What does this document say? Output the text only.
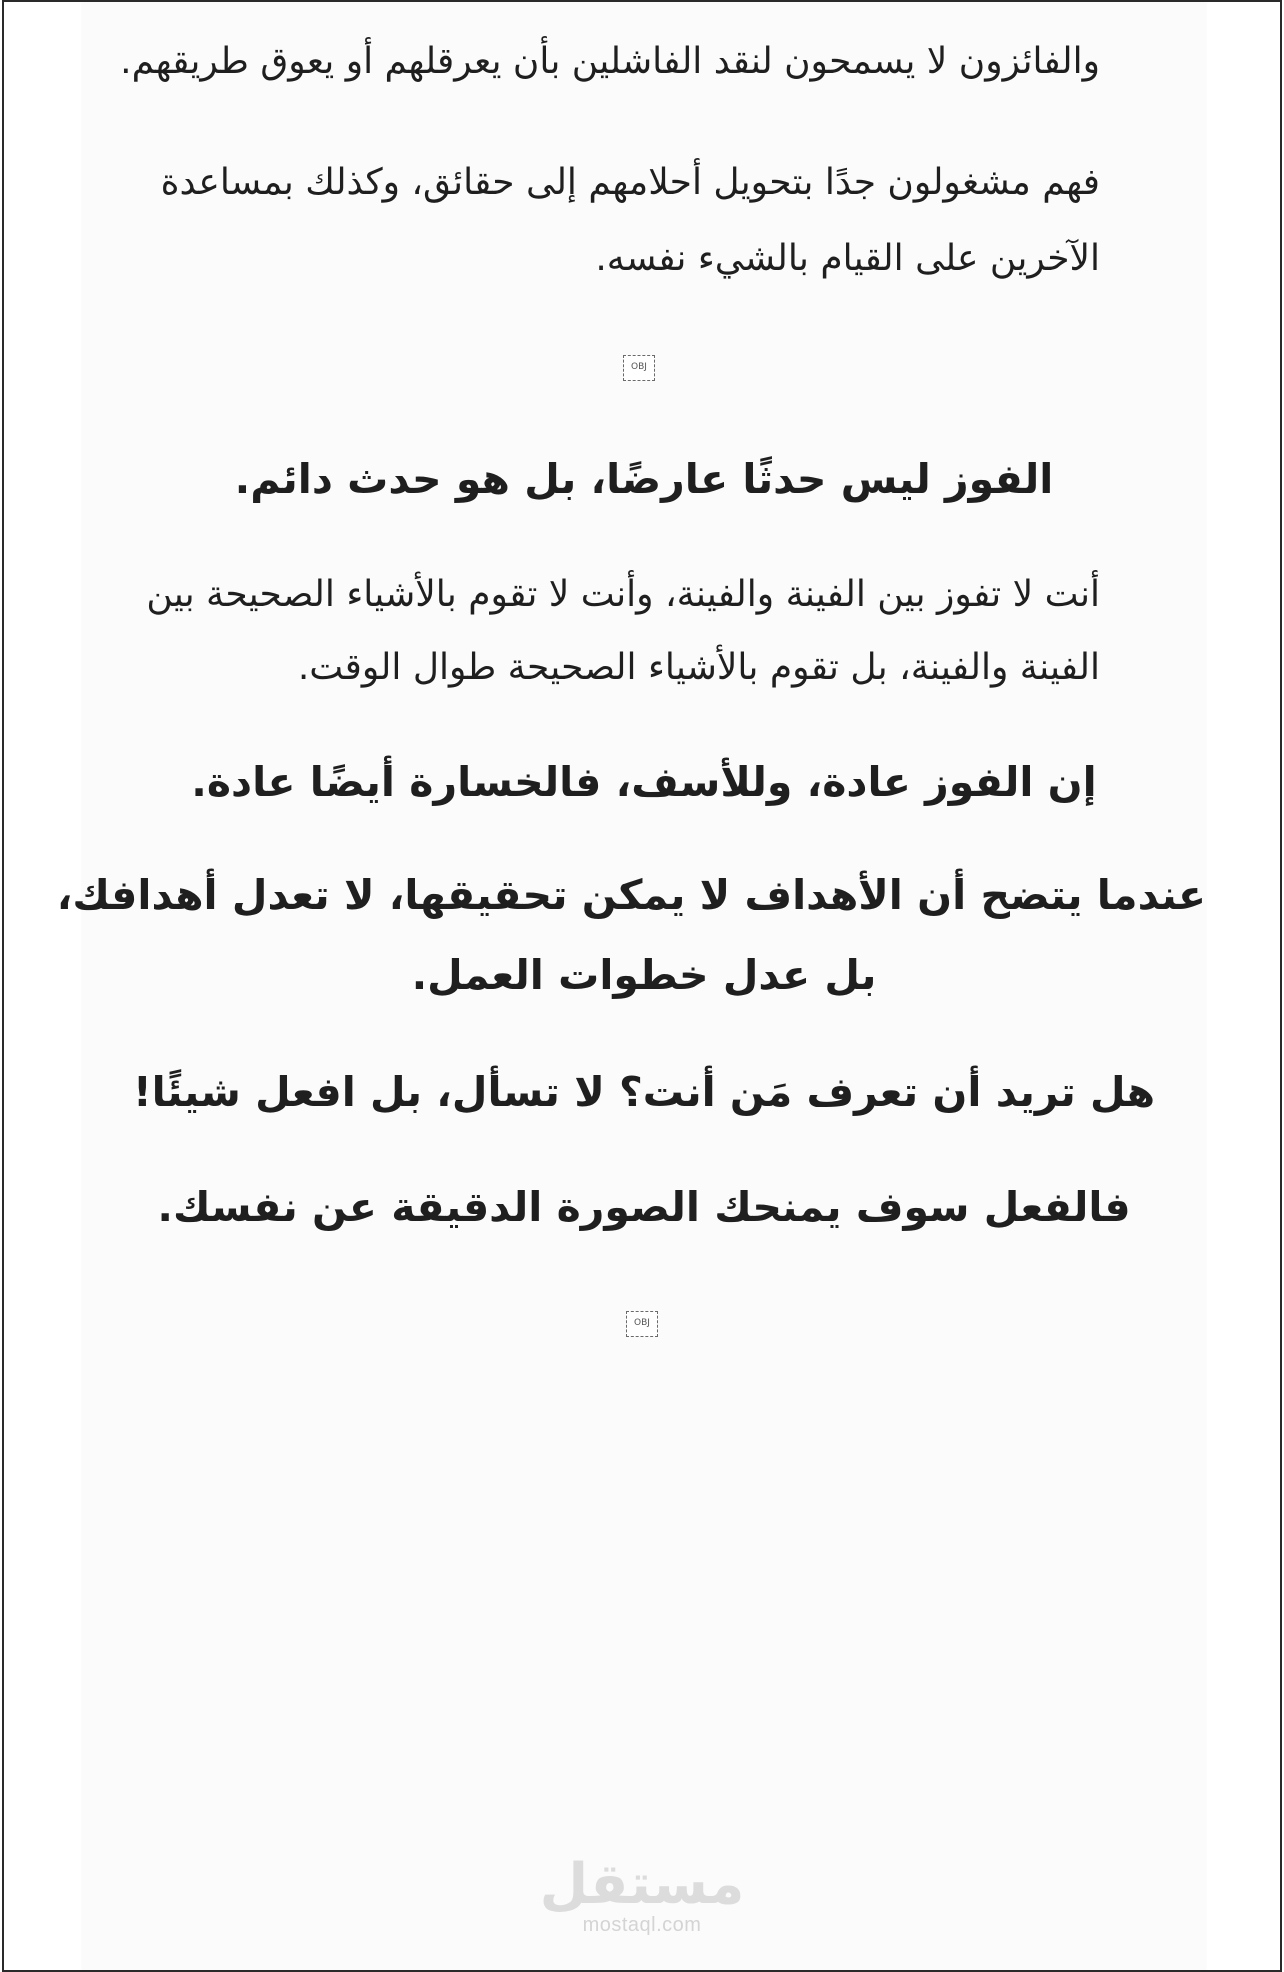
والفائزون لا يسمحون لنقد الفاشلين بأن يعرقلهم أو يعوق طريقهم.

فهم مشغولون جدًا بتحويل أحلامهم إلى حقائق، وكذلك بمساعدة

الآخرين على القيام بالشيء نفسه.

OBJ

الفوز ليس حدثًا عارضًا، بل هو حدث دائم.

أنت لا تفوز بين الفينة والفينة، وأنت لا تقوم بالأشياء الصحيحة بين

الفينة والفينة، بل تقوم بالأشياء الصحيحة طوال الوقت.

إن الفوز عادة، وللأسف، فالخسارة أيضًا عادة.

عندما يتضح أن الأهداف لا يمكن تحقيقها، لا تعدل أهدافك،

بل عدل خطوات العمل.

هل تريد أن تعرف مَن أنت؟ لا تسأل، بل افعل شيئًا!

فالفعل سوف يمنحك الصورة الدقيقة عن نفسك.

OBJ
مستقل
mostaql.com
